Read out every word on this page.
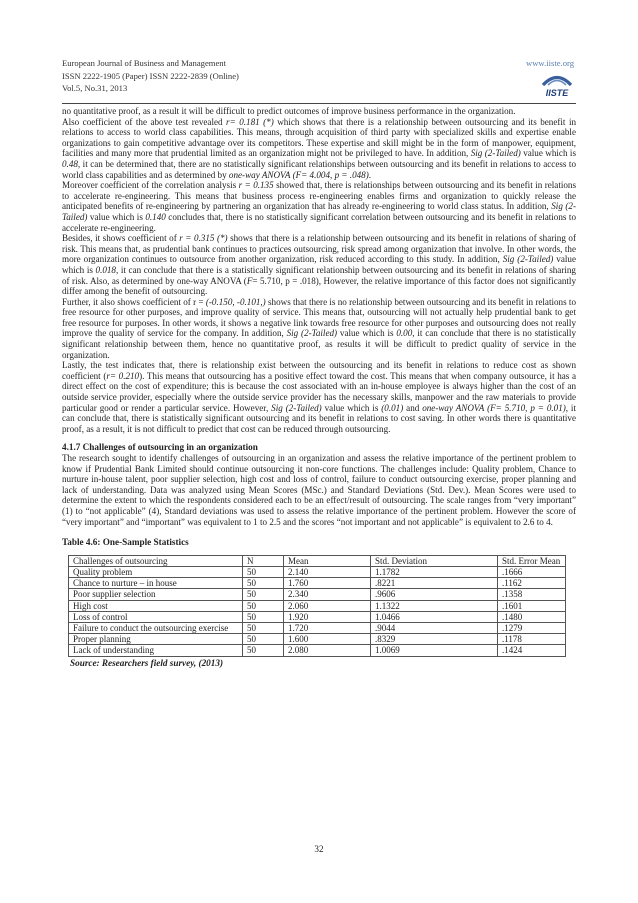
European Journal of Business and Management
ISSN 2222-1905 (Paper) ISSN 2222-2839 (Online)
Vol.5, No.31, 2013
www.iiste.org
IISTE

no quantitative proof, as a result it will be difficult to predict outcomes of improve business performance in the organization.

Also coefficient of the above test revealed r= 0.181 (*) which shows that there is a relationship between outsourcing and its benefit in relations to access to world class capabilities. This means, through acquisition of third party with specialized skills and expertise enable organizations to gain competitive advantage over its competitors. These expertise and skill might be in the form of manpower, equipment, facilities and many more that prudential limited as an organization might not be privileged to have. In addition, Sig (2-Tailed) value which is 0.48, it can be determined that, there are no statistically significant relationships between outsourcing and its benefit in relations to access to world class capabilities and as determined by one-way ANOVA (F= 4.004, p = .048).

Moreover coefficient of the correlation analysis r = 0.135 showed that, there is relationships between outsourcing and its benefit in relations to accelerate re-engineering. This means that business process re-engineering enables firms and organization to quickly release the anticipated benefits of re-engineering by partnering an organization that has already re-engineering to world class status. In addition, Sig (2-Tailed) value which is 0.140 concludes that, there is no statistically significant correlation between outsourcing and its benefit in relations to accelerate re-engineering.

Besides, it shows coefficient of r = 0.315 (*) shows that there is a relationship between outsourcing and its benefit in relations of sharing of risk. This means that, as prudential bank continues to practices outsourcing, risk spread among organization that involve. In other words, the more organization continues to outsource from another organization, risk reduced according to this study. In addition, Sig (2-Tailed) value which is 0.018, it can conclude that there is a statistically significant relationship between outsourcing and its benefit in relations of sharing of risk. Also, as determined by one-way ANOVA (F= 5.710, p = .018), However, the relative importance of this factor does not significantly differ among the benefit of outsourcing.

Further, it also shows coefficient of r = (-0.150, -0.101,) shows that there is no relationship between outsourcing and its benefit in relations to free resource for other purposes, and improve quality of service. This means that, outsourcing will not actually help prudential bank to get free resource for purposes. In other words, it shows a negative link towards free resource for other purposes and outsourcing does not really improve the quality of service for the company. In addition, Sig (2-Tailed) value which is 0.00, it can conclude that there is no statistically significant relationship between them, hence no quantitative proof, as results it will be difficult to predict quality of service in the organization.

Lastly, the test indicates that, there is relationship exist between the outsourcing and its benefit in relations to reduce cost as shown coefficient (r= 0.210). This means that outsourcing has a positive effect toward the cost. This means that when company outsource, it has a direct effect on the cost of expenditure; this is because the cost associated with an in-house employee is always higher than the cost of an outside service provider, especially where the outside service provider has the necessary skills, manpower and the raw materials to provide particular good or render a particular service. However, Sig (2-Tailed) value which is (0.01) and one-way ANOVA (F= 5.710, p = 0.01), it can conclude that, there is statistically significant outsourcing and its benefit in relations to cost saving. In other words there is quantitative proof, as a result, it is not difficult to predict that cost can be reduced through outsourcing.

4.1.7 Challenges of outsourcing in an organization

The research sought to identify challenges of outsourcing in an organization and assess the relative importance of the pertinent problem to know if Prudential Bank Limited should continue outsourcing it non-core functions. The challenges include: Quality problem, Chance to nurture in-house talent, poor supplier selection, high cost and loss of control, failure to conduct outsourcing exercise, proper planning and lack of understanding. Data was analyzed using Mean Scores (MSc.) and Standard Deviations (Std. Dev.). Mean Scores were used to determine the extent to which the respondents considered each to be an effect/result of outsourcing. The scale ranges from “very important” (1) to “not applicable” (4), Standard deviations was used to assess the relative importance of the pertinent problem. However the score of “very important” and “important” was equivalent to 1 to 2.5 and the scores “not important and not applicable” is equivalent to 2.6 to 4.

Table 4.6: One-Sample Statistics
Challenges of outsourcing	N	Mean	Std. Deviation	Std. Error Mean
Quality problem	50	2.140	1.1782	.1666
Chance to nurture – in house	50	1.760	.8221	.1162
Poor supplier selection	50	2.340	.9606	.1358
High cost	50	2.060	1.1322	.1601
Loss of control	50	1.920	1.0466	.1480
Failure to conduct the outsourcing exercise	50	1.720	.9044	.1279
Proper planning	50	1.600	.8329	.1178
Lack of understanding	50	2.080	1.0069	.1424
Source: Researchers field survey, (2013)
32
